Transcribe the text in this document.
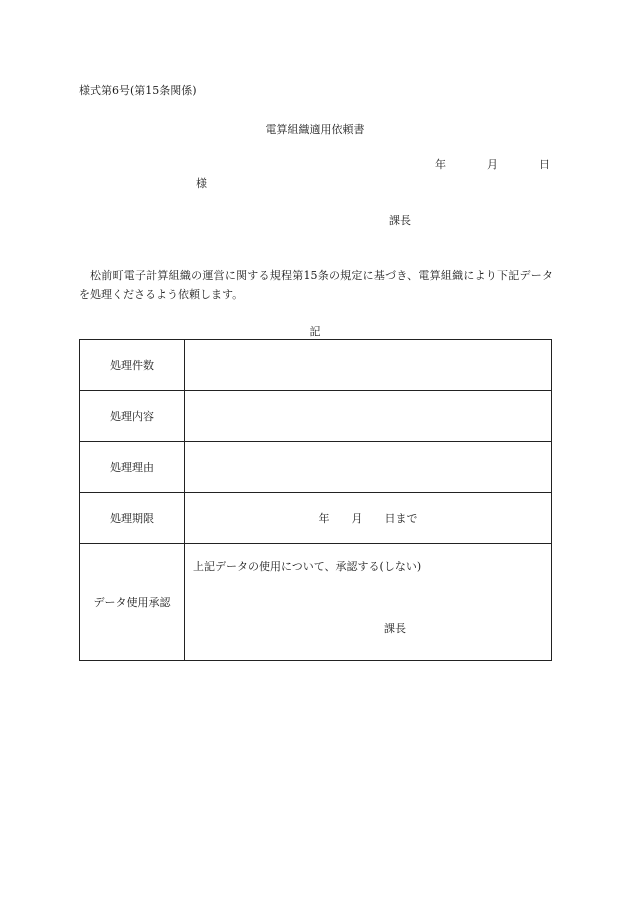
様式第6号(第15条関係)
電算組織適用依頼書
年	月	日
様
課長
松前町電子計算組織の運営に関する規程第15条の規定に基づき、電算組織により下記データを処理くださるよう依頼します。
記
処理件数	
処理内容	
処理理由	
処理期限	年　　月　　日まで
データ使用承認	上記データの使用について、承認する(しない)
課長
